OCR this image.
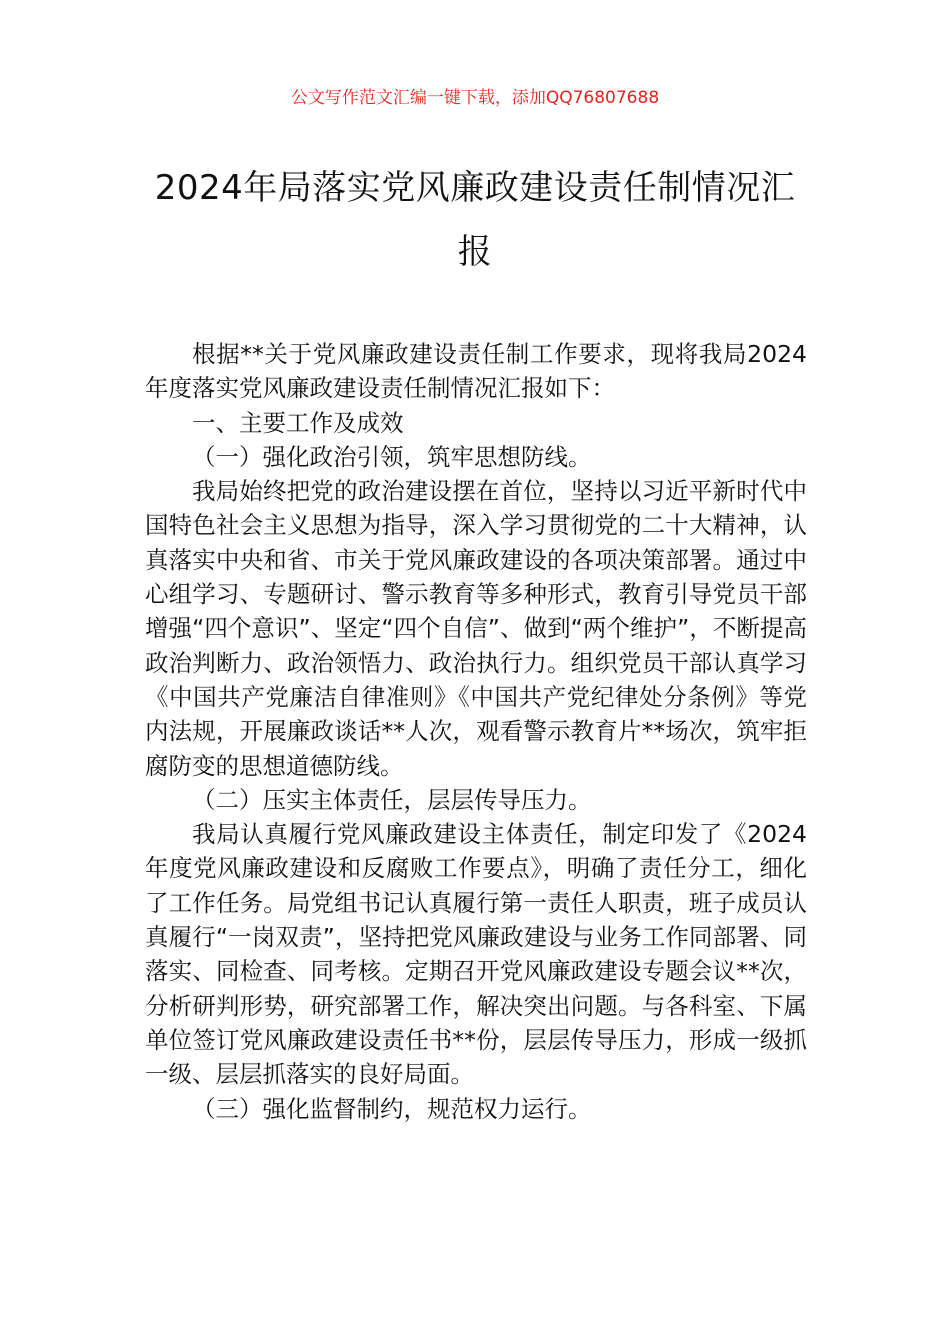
公文写作范文汇编一键下载，添加QQ76807688
2024年局落实党风廉政建设责任制情况汇报

根据**关于党风廉政建设责任制工作要求，现将我局2024年度落实党风廉政建设责任制情况汇报如下：

一、主要工作及成效

（一）强化政治引领，筑牢思想防线。

我局始终把党的政治建设摆在首位，坚持以习近平新时代中国特色社会主义思想为指导，深入学习贯彻党的二十大精神，认真落实中央和省、市关于党风廉政建设的各项决策部署。通过中心组学习、专题研讨、警示教育等多种形式，教育引导党员干部增强“四个意识”、坚定“四个自信”、做到“两个维护”，不断提高政治判断力、政治领悟力、政治执行力。组织党员干部认真学习《中国共产党廉洁自律准则》《中国共产党纪律处分条例》等党内法规，开展廉政谈话**人次，观看警示教育片**场次，筑牢拒腐防变的思想道德防线。

（二）压实主体责任，层层传导压力。

我局认真履行党风廉政建设主体责任，制定印发了《2024年度党风廉政建设和反腐败工作要点》，明确了责任分工，细化了工作任务。局党组书记认真履行第一责任人职责，班子成员认真履行“一岗双责”，坚持把党风廉政建设与业务工作同部署、同落实、同检查、同考核。定期召开党风廉政建设专题会议**次，分析研判形势，研究部署工作，解决突出问题。与各科室、下属单位签订党风廉政建设责任书**份，层层传导压力，形成一级抓一级、层层抓落实的良好局面。

（三）强化监督制约，规范权力运行。
